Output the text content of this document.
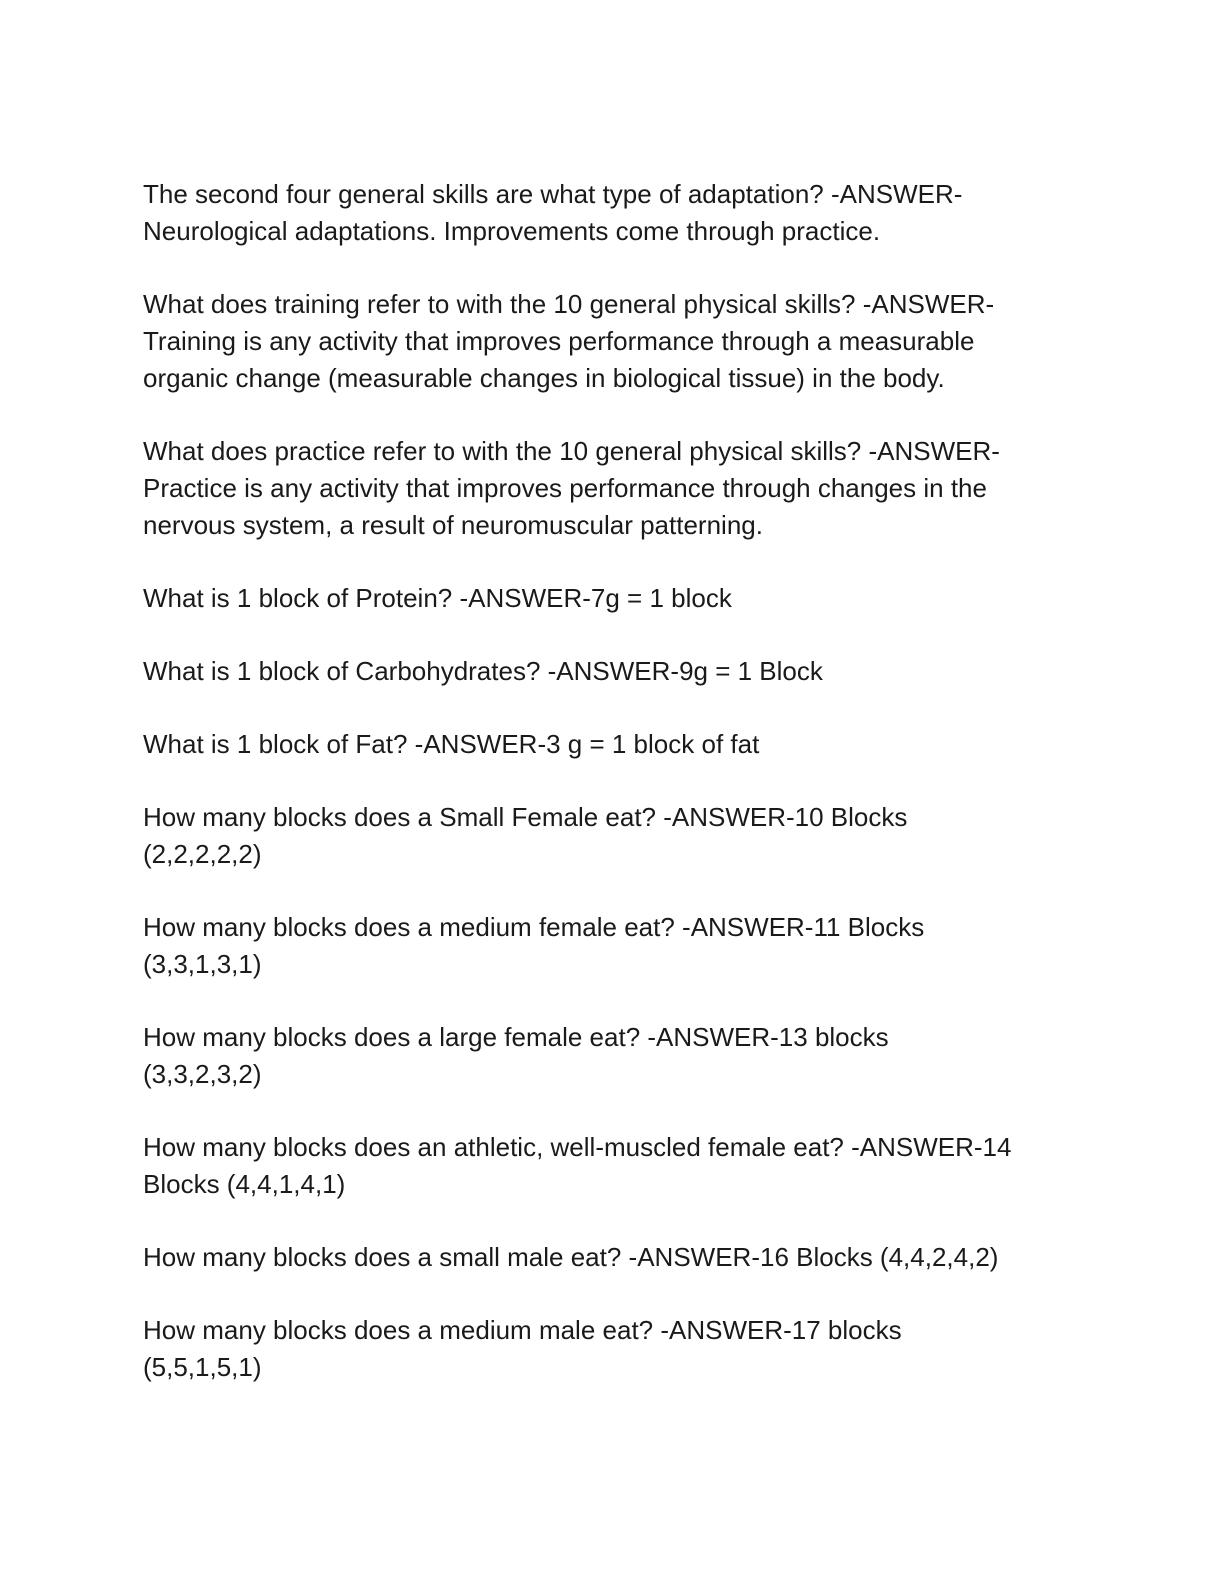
The second four general skills are what type of adaptation? -ANSWER-
Neurological adaptations. Improvements come through practice.

What does training refer to with the 10 general physical skills? -ANSWER-
Training is any activity that improves performance through a measurable
organic change (measurable changes in biological tissue) in the body.

What does practice refer to with the 10 general physical skills? -ANSWER-
Practice is any activity that improves performance through changes in the
nervous system, a result of neuromuscular patterning.

What is 1 block of Protein? -ANSWER-7g = 1 block

What is 1 block of Carbohydrates? -ANSWER-9g = 1 Block

What is 1 block of Fat? -ANSWER-3 g = 1 block of fat

How many blocks does a Small Female eat? -ANSWER-10 Blocks
(2,2,2,2,2)

How many blocks does a medium female eat? -ANSWER-11 Blocks
(3,3,1,3,1)

How many blocks does a large female eat? -ANSWER-13 blocks
(3,3,2,3,2)

How many blocks does an athletic, well-muscled female eat? -ANSWER-14
Blocks (4,4,1,4,1)

How many blocks does a small male eat? -ANSWER-16 Blocks (4,4,2,4,2)

How many blocks does a medium male eat? -ANSWER-17 blocks
(5,5,1,5,1)
